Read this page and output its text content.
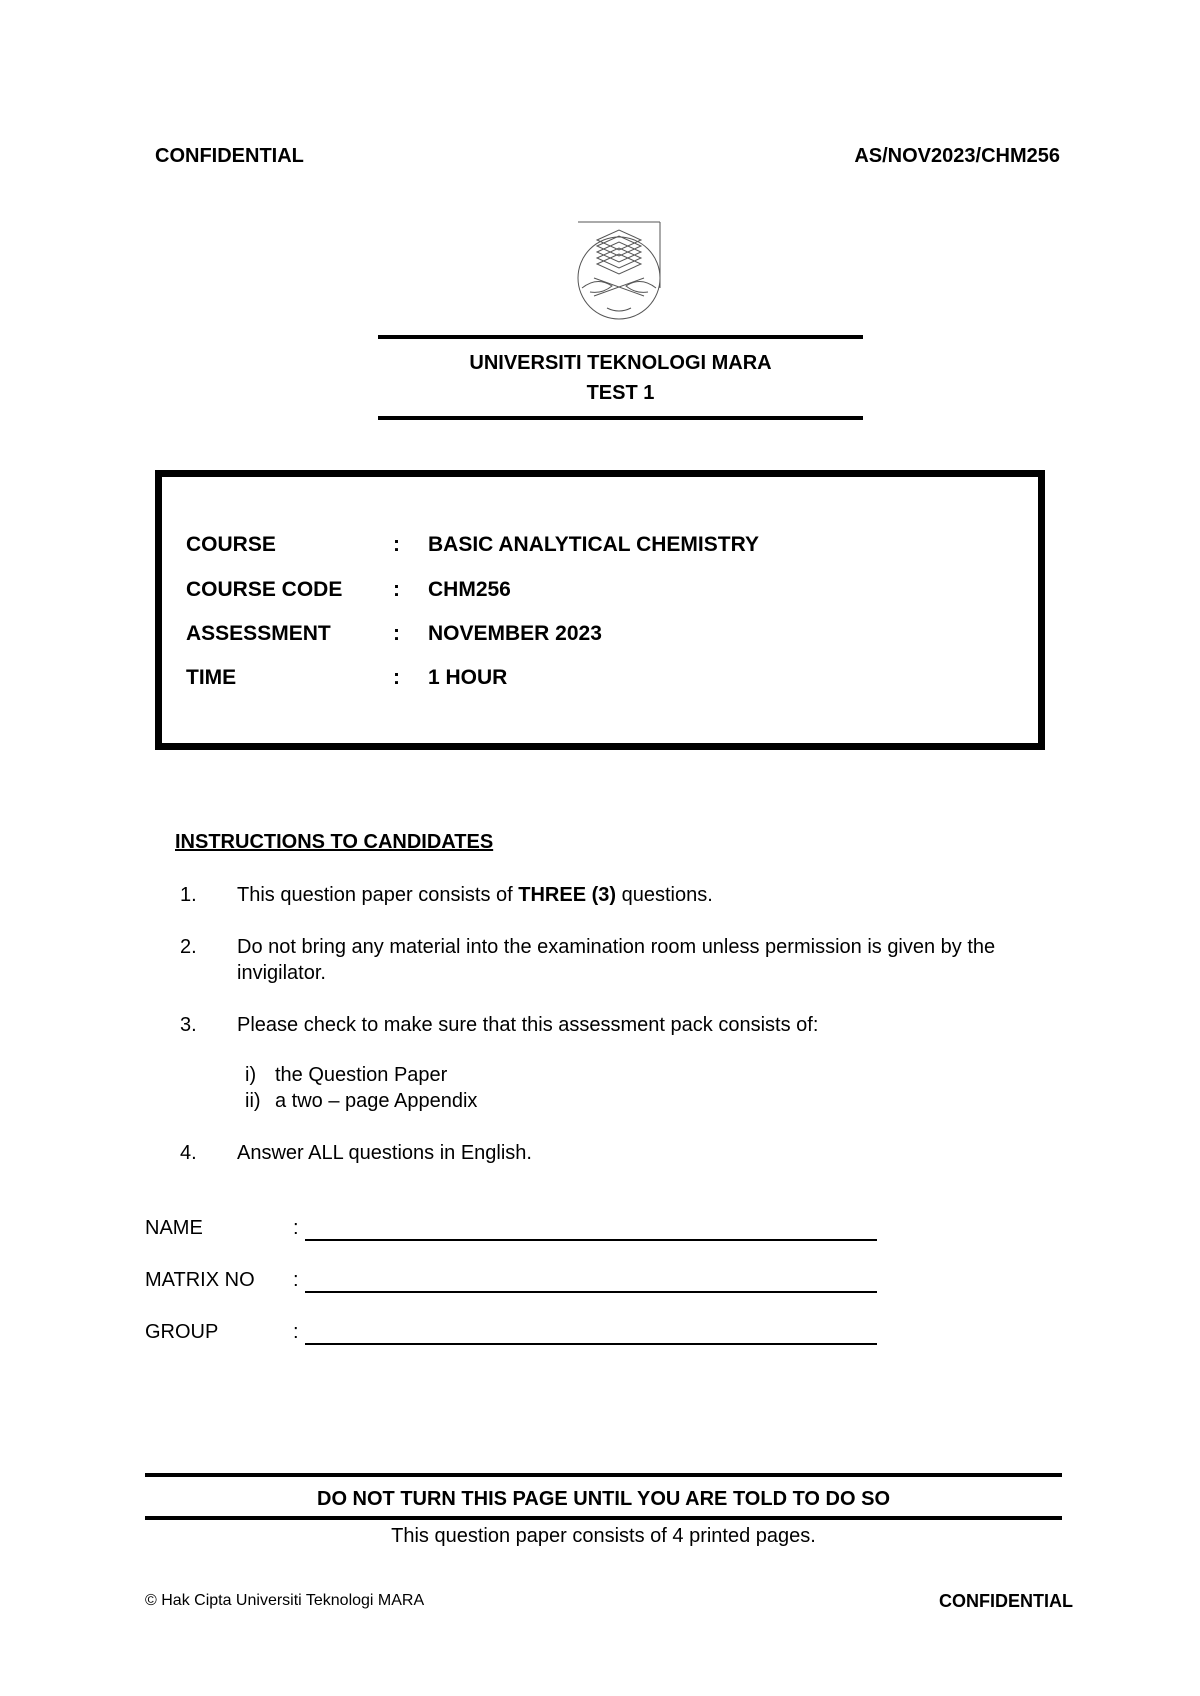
CONFIDENTIAL	AS/NOV2023/CHM256
UNIVERSITI TEKNOLOGI MARA
TEST 1
COURSE	: BASIC ANALYTICAL CHEMISTRY
COURSE CODE : CHM256
ASSESSMENT	: NOVEMBER 2023
TIME	: 1 HOUR
INSTRUCTIONS TO CANDIDATES
1. This question paper consists of THREE (3) questions.
2. Do not bring any material into the examination room unless permission is given by the invigilator.
3. Please check to make sure that this assessment pack consists of:
i) the Question Paper
ii) a two – page Appendix
4. Answer ALL questions in English.
NAME	:
MATRIX NO :
GROUP	:
DO NOT TURN THIS PAGE UNTIL YOU ARE TOLD TO DO SO
This question paper consists of 4 printed pages.
© Hak Cipta Universiti Teknologi MARA	CONFIDENTIAL
